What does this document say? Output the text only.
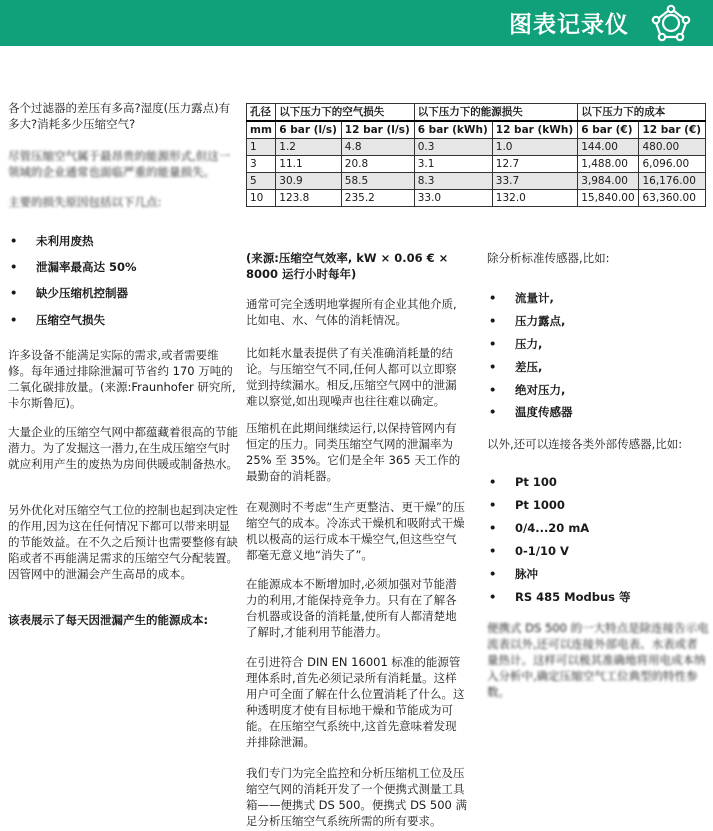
图表记录仪

各个过滤器的差压有多高?湿度(压力露点)有多大?消耗多少压缩空气?

尽管压缩空气属于最昂贵的能源形式,但这一领域的企业通常也面临严重的能量损失。

主要的损失原因包括以下几点:

• 未利用废热
• 泄漏率最高达 50%
• 缺少压缩机控制器
• 压缩空气损失

许多设备不能满足实际的需求,或者需要维修。每年通过排除泄漏可节省约 170 万吨的二氧化碳排放量。(来源:Fraunhofer 研究所,卡尔斯鲁厄)。

大量企业的压缩空气网中都蕴藏着很高的节能潜力。为了发掘这一潜力,在生成压缩空气时就应利用产生的废热为房间供暖或制备热水。

另外优化对压缩空气工位的控制也起到决定性的作用,因为这在任何情况下都可以带来明显的节能效益。在不久之后预计也需要整修有缺陷或者不再能满足需求的压缩空气分配装置。因管网中的泄漏会产生高昂的成本。

该表展示了每天因泄漏产生的能源成本:

孔径	以下压力下的空气损失		以下压力下的能源损失		以下压力下的成本	
mm	6 bar (l/s)	12 bar (l/s)	6 bar (kWh)	12 bar (kWh)	6 bar (€)	12 bar (€)
1	1.2	4.8	0.3	1.0	144.00	480.00
3	11.1	20.8	3.1	12.7	1,488.00	6,096.00
5	30.9	58.5	8.3	33.7	3,984.00	16,176.00
10	123.8	235.2	33.0	132.0	15,840.00	63,360.00

(来源:压缩空气效率, kW × 0.06 € × 8000 运行小时每年)

通常可完全透明地掌握所有企业其他介质,比如电、水、气体的消耗情况。

比如耗水量表提供了有关准确消耗量的结论。与压缩空气不同,任何人都可以立即察觉到持续漏水。相反,压缩空气网中的泄漏难以察觉,如出现噪声也往往难以确定。

压缩机在此期间继续运行,以保持管网内有恒定的压力。同类压缩空气网的泄漏率为 25% 至 35%。它们是全年 365 天工作的最勤奋的消耗器。

在观测时不考虑“生产更整洁、更干燥”的压缩空气的成本。冷冻式干燥机和吸附式干燥机以极高的运行成本干燥空气,但这些空气都毫无意义地“消失了”。

在能源成本不断增加时,必须加强对节能潜力的利用,才能保持竞争力。只有在了解各台机器或设备的消耗量,使所有人都清楚地了解时,才能利用节能潜力。

在引进符合 DIN EN 16001 标准的能源管理体系时,首先必须记录所有消耗量。这样用户可全面了解在什么位置消耗了什么。这种透明度才使有目标地干燥和节能成为可能。在压缩空气系统中,这首先意味着发现并排除泄漏。

我们专门为完全监控和分析压缩机工位及压缩空气网的消耗开发了一个便携式测量工具箱——便携式 DS 500。便携式 DS 500 满足分析压缩空气系统所需的所有要求。

除分析标准传感器,比如:

• 流量计,
• 压力露点,
• 压力,
• 差压,
• 绝对压力,
• 温度传感器

以外,还可以连接各类外部传感器,比如:

• Pt 100
• Pt 1000
• 0/4...20 mA
• 0-1/10 V
• 脉冲
• RS 485 Modbus 等

便携式 DS 500 的一大特点是除连接告示电流表以外,还可以连接外部电表、水表或者量热计。这样可以极其准确地将用电成本纳入分析中,确定压缩空气工位典型的特性参数。
